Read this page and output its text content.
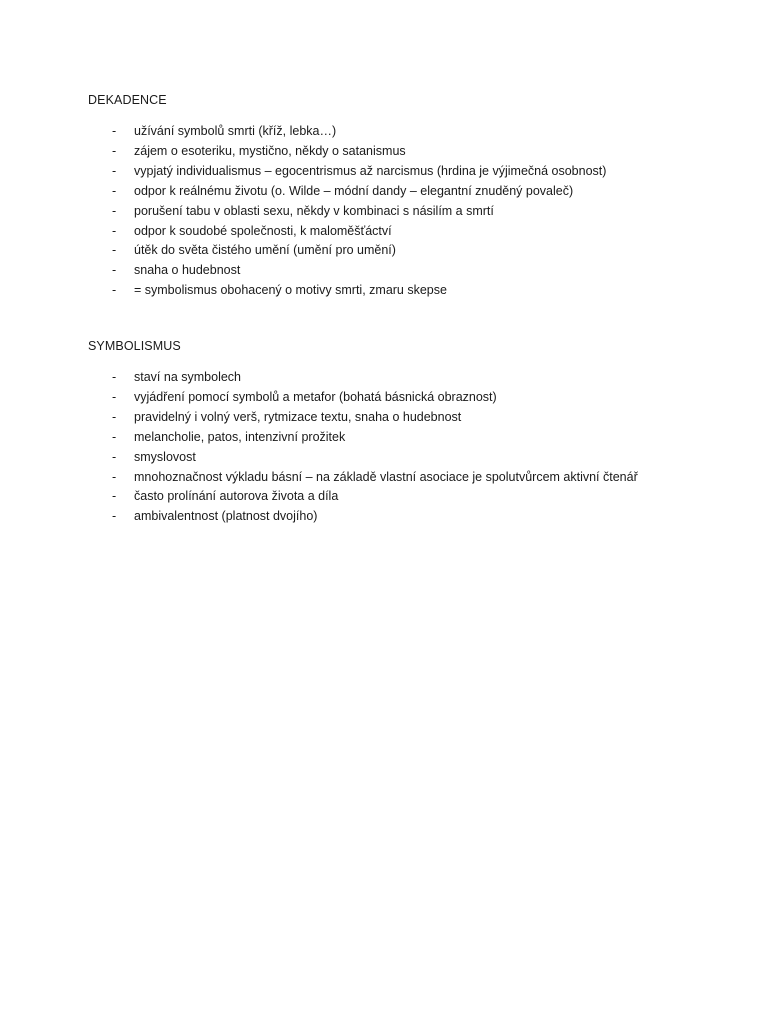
DEKADENCE
- užívání symbolů smrti (kříž, lebka…)
- zájem o esoteriku, mystično, někdy o satanismus
- vypjatý individualismus – egocentrismus až narcismus (hrdina je výjimečná osobnost)
- odpor k reálnému životu (o. Wilde – módní dandy – elegantní znuděný povaleč)
- porušení tabu v oblasti sexu, někdy v kombinaci s násilím a smrtí
- odpor k soudobé společnosti, k maloměšťáctví
- útěk do světa čistého umění (umění pro umění)
- snaha o hudebnost
- = symbolismus obohacený o motivy smrti, zmaru skepse
SYMBOLISMUS
- staví na symbolech
- vyjádření pomocí symbolů a metafor (bohatá básnická obraznost)
- pravidelný i volný verš, rytmizace textu, snaha o hudebnost
- melancholie, patos, intenzivní prožitek
- smyslovost
- mnohoznačnost výkladu básní – na základě vlastní asociace je spolutvůrcem aktivní čtenář
- často prolínání autorova života a díla
- ambivalentnost (platnost dvojího)
